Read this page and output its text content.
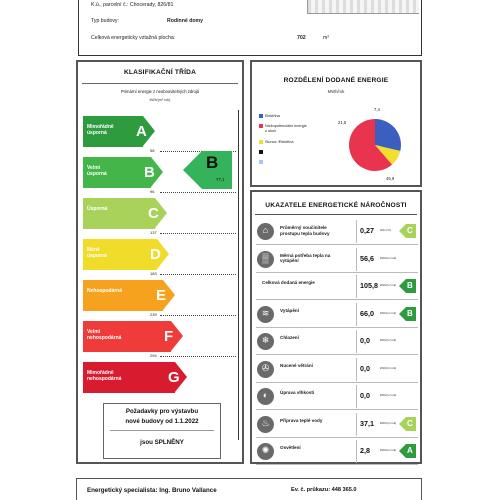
K.ú., parcelní č.: Chocerady, 826/81
Typ budovy:	Rodinné domy
Celková energeticky vztažná plocha:	702	m²
KLASIFIKAČNÍ TŘÍDA
Primární energie z neobnovitelných zdrojů
kWh/(m².rok)
Mimořádně
úsporná A
58
Velmi
úsporná B
96
Úsporná	C
137
Méně
úsporná	D
183
Nehospodárná E
239
Velmi
nehospodárná	F
294
Mimořádně
nehospodárná	G
B
77,1
Požadavky pro výstavbu
nové budovy od 1.1.2022
jsou SPLNĚNY
ROZDĚLENÍ DODANÉ ENERGIE
MWh/rok
Elektřina
Nízkopotenciální energie
z okolí
Slunce /Elektřina
21,5
7,4
45,9
UKAZATELE ENERGETICKÉ NÁROČNOSTI
⌂	Průměrný součinitele
prostupu tepla budovy	0,27 W/(m².K) C
▒	Měrná potřeba tepla na
vytápění	56,6 kWh/(m².rok)
Celková dodaná energie	105,8 kWh/(m².rok) B
≋	Vytápění	66,0 kWh/(m².rok) B
❄	Chlazení	0,0	kWh/(m².rok)
✇	Nucené větrání	0,0	kWh/(m².rok)
◐	Úprava vlhkosti	0,0	kWh/(m².rok)
♨	Příprava teplé vody	37,1 kWh/(m².rok) C
✺	Osvětlení	2,8	kWh/(m².rok) A
Energetický specialista: Ing. Bruno Vallance	Ev. č. průkazu: 448 365.0
